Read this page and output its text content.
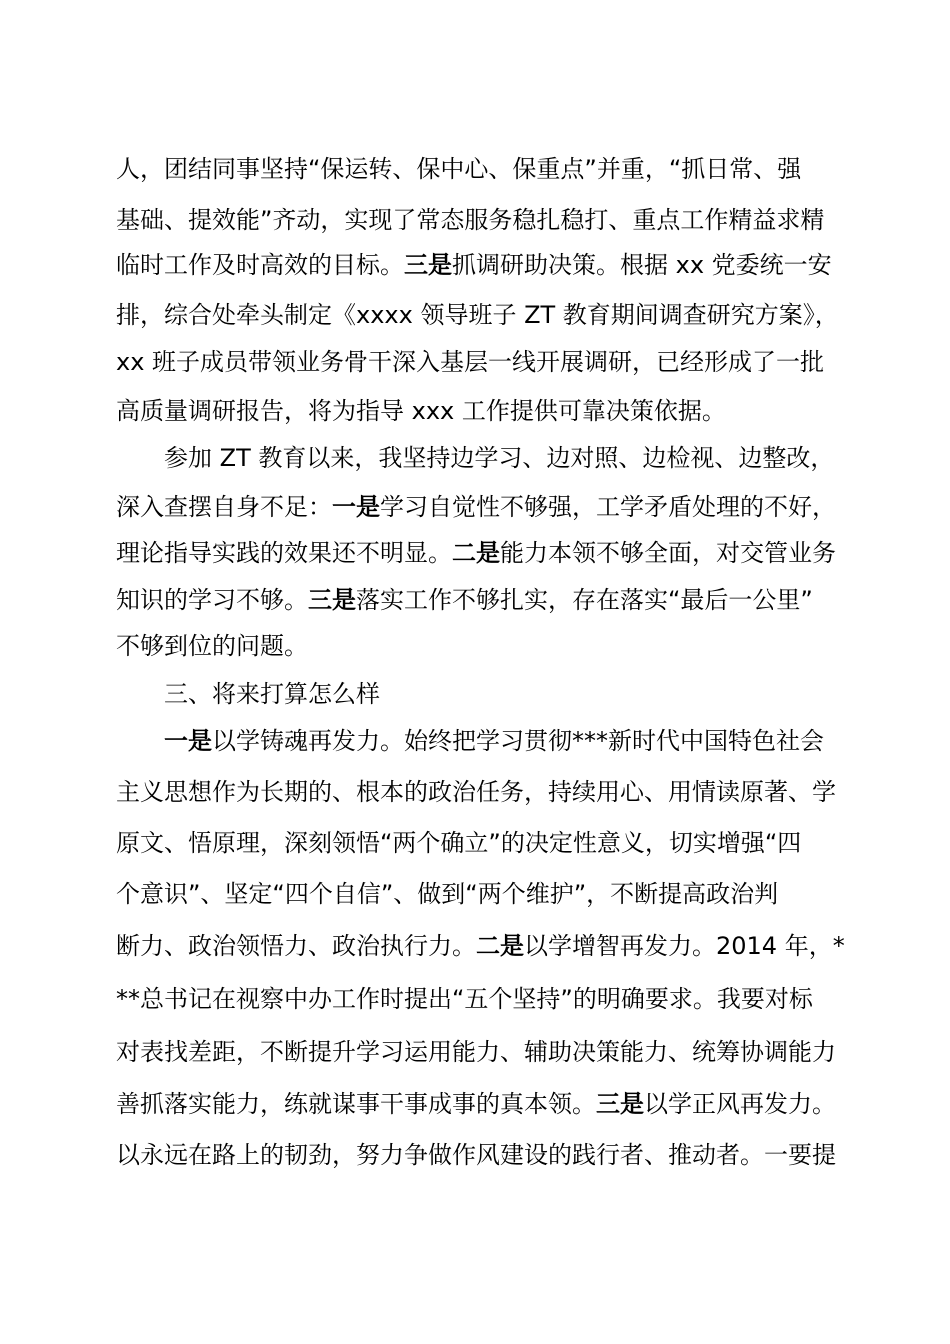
人，团结同事坚持“保运转、保中心、保重点”并重，“抓日常、强
基础、提效能”齐动，实现了常态服务稳扎稳打、重点工作精益求精
临时工作及时高效的目标。三是抓调研助决策。根据 xx 党委统一安
排，综合处牵头制定《xxxx 领导班子 ZT 教育期间调查研究方案》，
xx 班子成员带领业务骨干深入基层一线开展调研，已经形成了一批
高质量调研报告，将为指导 xxx 工作提供可靠决策依据。
参加 ZT 教育以来，我坚持边学习、边对照、边检视、边整改，
深入查摆自身不足：一是学习自觉性不够强，工学矛盾处理的不好，
理论指导实践的效果还不明显。二是能力本领不够全面，对交管业务
知识的学习不够。三是落实工作不够扎实，存在落实“最后一公里”
不够到位的问题。
三、将来打算怎么样
一是以学铸魂再发力。始终把学习贯彻***新时代中国特色社会
主义思想作为长期的、根本的政治任务，持续用心、用情读原著、学
原文、悟原理，深刻领悟“两个确立”的决定性意义，切实增强“四
个意识”、坚定“四个自信”、做到“两个维护”，不断提高政治判
断力、政治领悟力、政治执行力。二是以学增智再发力。2014 年，*
**总书记在视察中办工作时提出“五个坚持”的明确要求。我要对标
对表找差距，不断提升学习运用能力、辅助决策能力、统筹协调能力
善抓落实能力，练就谋事干事成事的真本领。三是以学正风再发力。
以永远在路上的韧劲，努力争做作风建设的践行者、推动者。一要提
